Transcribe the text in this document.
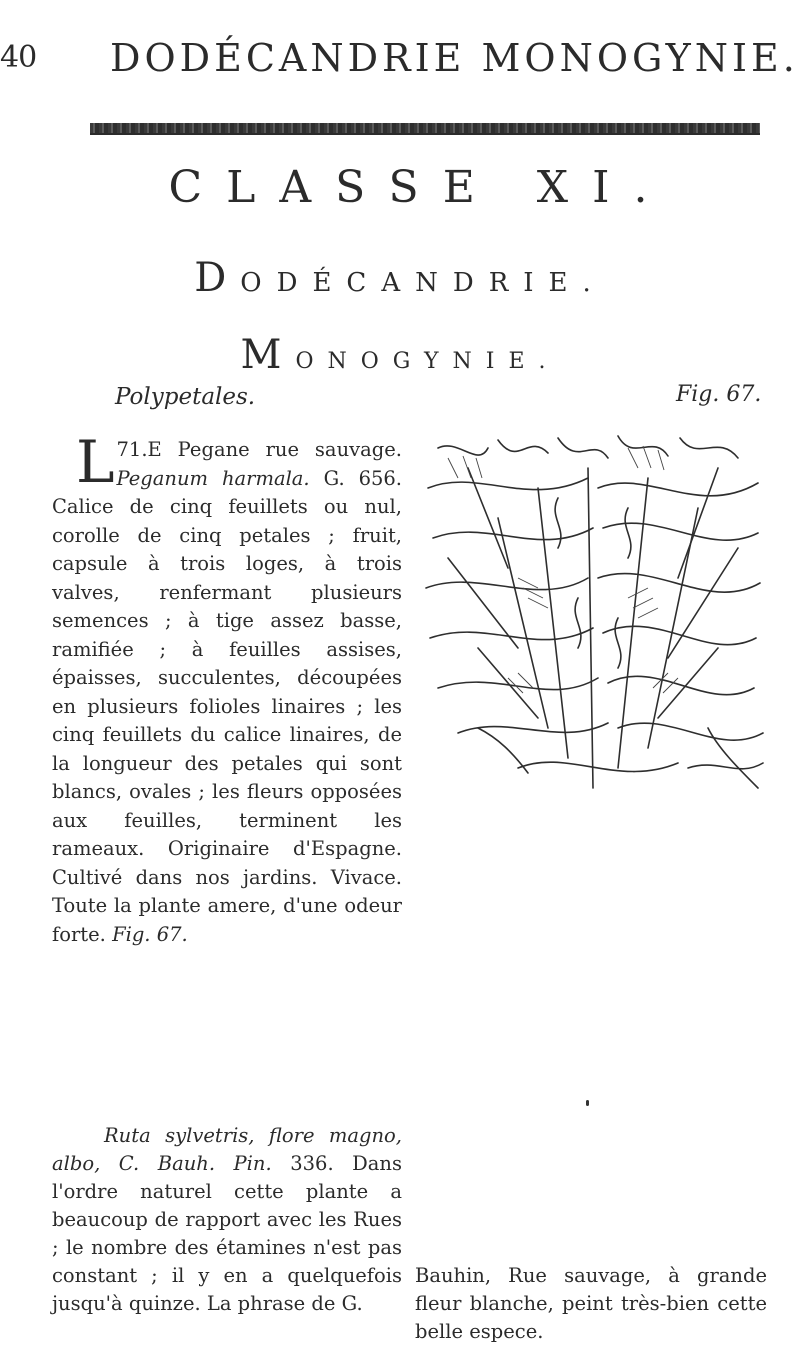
40 DODÉCANDRIE MONOGYNIE.
CLASSE XI.
DODÉCANDRIE.
MONOGYNIE.
Polypetales.	Fig. 67.

71.
L E Pegane rue sauvage. Peganum harmala. G. 656. Calice de cinq feuillets ou nul, corolle de cinq petales ; fruit, capsule à trois loges, à trois valves, renfermant plusieurs semences ; à tige assez basse, ramifiée ; à feuilles assises, épaisses, succulentes, découpées en plusieurs folioles linaires ; les cinq feuillets du calice linaires, de la longueur des petales qui sont blancs, ovales ; les fleurs opposées aux feuilles, terminent les rameaux. Originaire d'Espagne. Cultivé dans nos jardins. Vivace. Toute la plante amere, d'une odeur forte. Fig. 67.

Ruta sylvetris, flore magno, albo, C. Bauh. Pin. 336. Dans l'ordre naturel cette plante a beaucoup de rapport avec les Rues ; le nombre des étamines n'est pas constant ; il y en a quelquefois jusqu'à quinze. La phrase de G.

Bauhin, Rue sauvage, à grande fleur blanche, peint très-bien cette belle espece.
